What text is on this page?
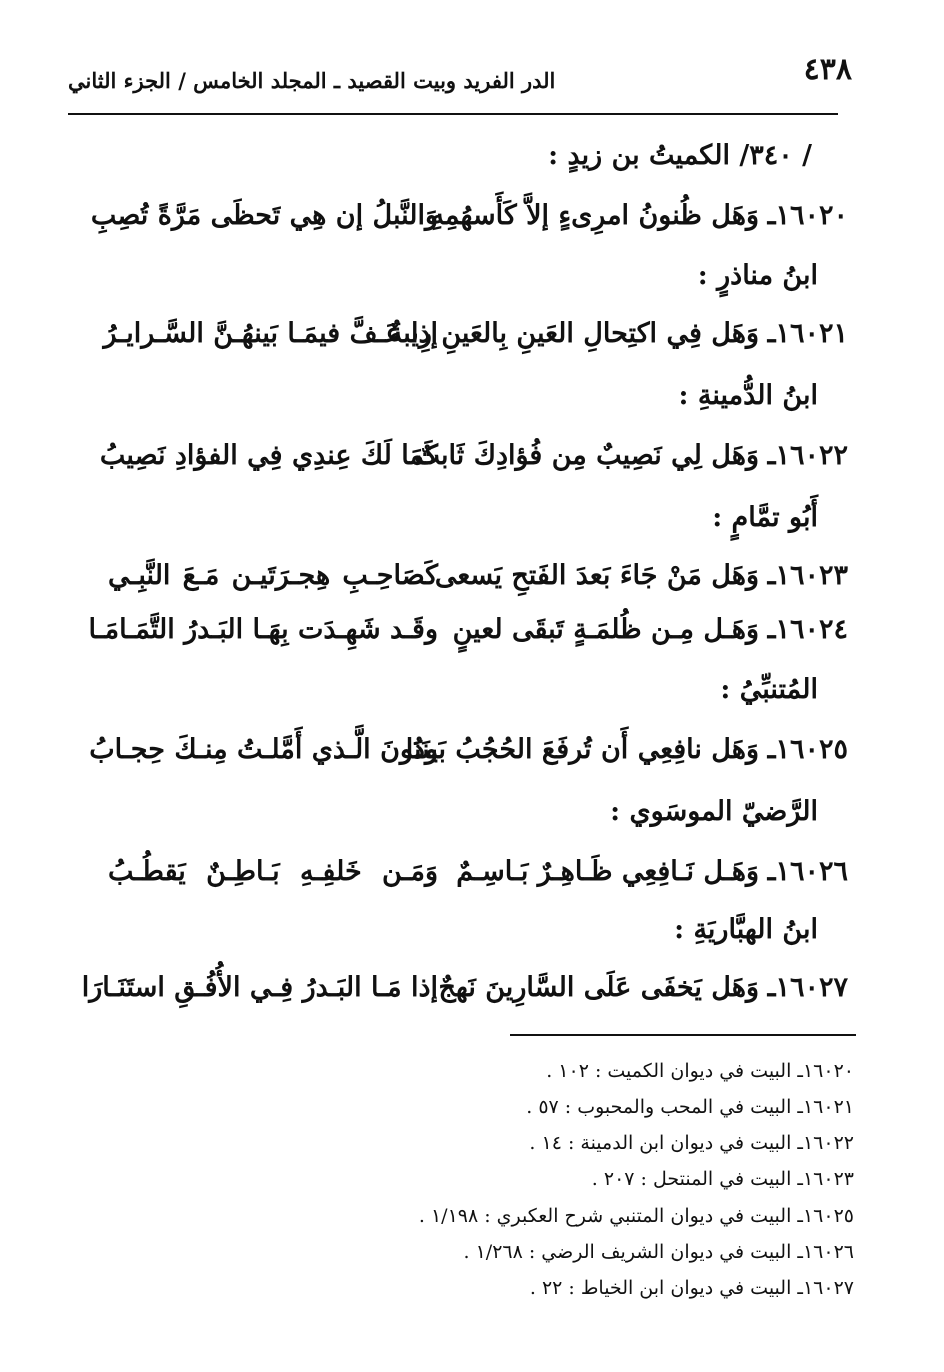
٤٣٨
الدر الفريد وبيت القصيد ـ المجلد الخامس / الجزء الثاني
/ ٣٤٠/ الكميتُ بن زيدٍ :
١٦٠٢٠ـ
وَهَل ظُنونُ امرِىءٍ إلاَّ كَأَسهُمِهِ
وَالنَّبلُ إن هِي تَحظَى مَرَّةً تُصِبِ
ابنُ مناذرٍ :
١٦٠٢١ـ
وَهَل فِي اكتِحالِ العَينِ بِالعَينِ رِيبةٌ
إذا عَـفَّ فيمَـا بَينهُـنَّ السَّـرايـرُ
ابنُ الدُّمينةِ :
١٦٠٢٢ـ
وَهَل لِي نَصِيبٌ مِن فُؤادِكَ ثَابتٌ
كَمَا لَكَ عِندِي فِي الفؤادِ نَصِيبُ
أَبُو تمَّامٍ :
١٦٠٢٣ـ
وَهَل مَنْ جَاءَ بَعدَ الفَتحِ يَسعى
كَصَاحِـبِ هِجـرَتَيـن مَـعَ النَّبِـي
١٦٠٢٤ـ
وَهَـل مِـن ظُلمَـةٍ تَبقَى لعينٍ
وقَـد شَهِـدَت بِهَـا البَـدرُ التَّمَـامَـا
المُتنبِّيُ :
١٦٠٢٥ـ
وَهَل نافِعِي أَن تُرفَعَ الحُجُبُ بَينَنَا
ودُونَ الَّـذي أَمَّلـتُ مِنـكَ حِجـابُ
الرَّضيّ الموسَوي :
١٦٠٢٦ـ
وَهَـل نَـافِعِي ظَـاهِـرٌ بَـاسِـمٌ
وَمَـن خَلفِـهِ بَـاطِـنٌ يَقطُـبُ
ابنُ الهبَّاريَةِ :
١٦٠٢٧ـ
وَهَل يَخفَى عَلَى السَّارِينَ نَهجٌ
إذا مَـا البَـدرُ فِـي الأُفُـقِ استَنَـارَا
١٦٠٢٠ـ البيت في ديوان الكميت : ١٠٢ .
١٦٠٢١ـ البيت في المحب والمحبوب : ٥٧ .
١٦٠٢٢ـ البيت في ديوان ابن الدمينة : ١٤ .
١٦٠٢٣ـ البيت في المنتحل : ٢٠٧ .
١٦٠٢٥ـ البيت في ديوان المتنبي شرح العكبري : ١/١٩٨ .
١٦٠٢٦ـ البيت في ديوان الشريف الرضي : ١/٢٦٨ .
١٦٠٢٧ـ البيت في ديوان ابن الخياط : ٢٢ .
